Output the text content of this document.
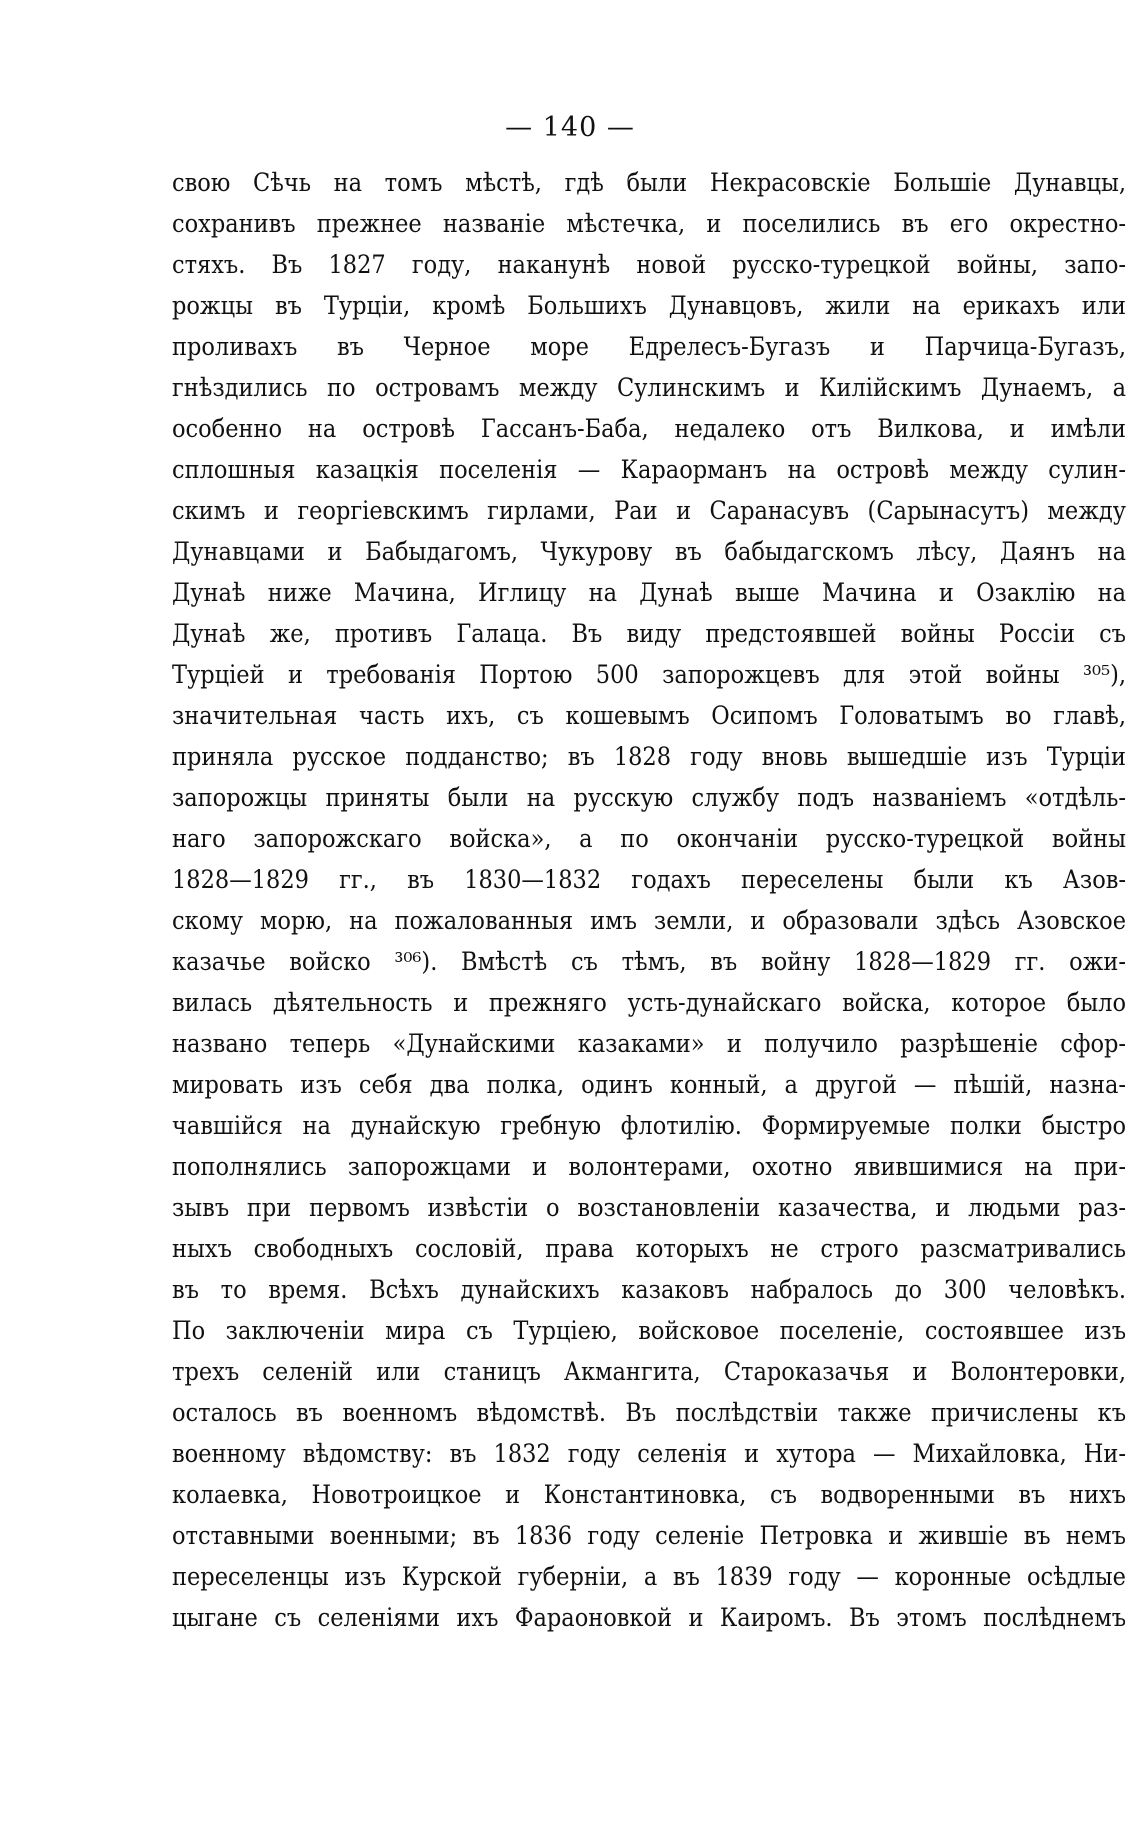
— 140 —
свою Сѣчь на томъ мѣстѣ, гдѣ были Некрасовскіе Большіе Дунавцы,
сохранивъ прежнее названіе мѣстечка, и поселились въ его окрестно-
стяхъ. Въ 1827 году, наканунѣ новой русско-турецкой войны, запо-
рожцы въ Турціи, кромѣ Большихъ Дунавцовъ, жили на ерикахъ или
проливахъ въ Черное море Едрелесъ-Бугазъ и Парчица-Бугазъ,
гнѣздились по островамъ между Сулинскимъ и Килійскимъ Дунаемъ, а
особенно на островѣ Гассанъ-Баба, недалеко отъ Вилкова, и имѣли
сплошныя казацкія поселенія — Караорманъ на островѣ между сулин-
скимъ и георгіевскимъ гирлами, Раи и Саранасувъ (Сарынасутъ) между
Дунавцами и Бабыдагомъ, Чукурову въ бабыдагскомъ лѣсу, Даянъ на
Дунаѣ ниже Мачина, Иглицу на Дунаѣ выше Мачина и Озаклію на
Дунаѣ же, противъ Галаца. Въ виду предстоявшей войны Россіи съ
Турціей и требованія Портою 500 запорожцевъ для этой войны ³⁰⁵),
значительная часть ихъ, съ кошевымъ Осипомъ Головатымъ во главѣ,
приняла русское подданство; въ 1828 году вновь вышедшіе изъ Турціи
запорожцы приняты были на русскую службу подъ названіемъ «отдѣль-
наго запорожскаго войска», а по окончаніи русско-турецкой войны
1828—1829 гг., въ 1830—1832 годахъ переселены были къ Азов-
скому морю, на пожалованныя имъ земли, и образовали здѣсь Азовское
казачье войско ³⁰⁶). Вмѣстѣ съ тѣмъ, въ войну 1828—1829 гг. ожи-
вилась дѣятельность и прежняго усть-дунайскаго войска, которое было
названо теперь «Дунайскими казаками» и получило разрѣшеніе сфор-
мировать изъ себя два полка, одинъ конный, а другой — пѣшій, назна-
чавшійся на дунайскую гребную флотилію. Формируемые полки быстро
пополнялись запорожцами и волонтерами, охотно явившимися на при-
зывъ при первомъ извѣстіи о возстановленіи казачества, и людьми раз-
ныхъ свободныхъ сословій, права которыхъ не строго разсматривались
въ то время. Всѣхъ дунайскихъ казаковъ набралось до 300 человѣкъ.
По заключеніи мира съ Турціею, войсковое поселеніе, состоявшее изъ
трехъ селеній или станицъ Акмангита, Староказачья и Волонтеровки,
осталось въ военномъ вѣдомствѣ. Въ послѣдствіи также причислены къ
военному вѣдомству: въ 1832 году селенія и хутора — Михайловка, Ни-
колаевка, Новотроицкое и Константиновка, съ водворенными въ нихъ
отставными военными; въ 1836 году селеніе Петровка и жившіе въ немъ
переселенцы изъ Курской губерніи, а въ 1839 году — коронные осѣдлые
цыгане съ селеніями ихъ Фараоновкой и Каиромъ. Въ этомъ послѣднемъ
